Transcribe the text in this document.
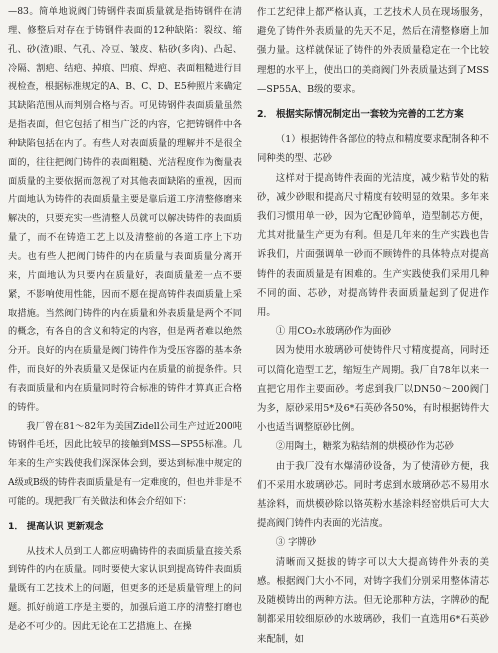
—83。简单地说阀门铸钢件表面质量就是指铸钢件在清理、修整后对存在于铸钢件表面的12种缺陷：裂纹、缩孔、砂(渣)眼、气孔、冷豆、皱皮、粘砂(多肉)、凸起、冷隔、割疤、结疤、掉痕、凹痕、焊疤、表面粗糙进行目视检查，根据标准规定的A、B、C、D、E5种照片来确定其缺陷范围从而判别合格与否。可见铸钢件表面质量虽然是指表面，但它包括了相当广泛的内容，它把铸钢件中各种缺陷包括在内了。有些人对表面质量的理解并不是很全面的，往往把阀门铸件的表面粗糙、光洁程度作为衡量表面质量的主要依据而忽视了对其他表面缺陷的重视，因而片面地认为铸件的表面质量主要是靠后道工序清整修磨来解决的，只要充实一些清整人员就可以解决铸件的表面质量了，而不在铸造工艺上以及清整前的各道工序上下功夫。也有些人把阀门铸件的内在质量与表面质量分离开来，片面地认为只要内在质量好，表面质量差一点不要紧，不影响使用性能，因而不愿在提高铸件表面质量上采取措施。当然阀门铸件的内在质量和外表质量是两个不同的概念，有各自的含义和特定的内容，但是两者难以绝然分开。良好的内在质量是阀门铸件作为受压容器的基本条件，而良好的外表质量又是保证内在质量的前提条件。只有表面质量和内在质量同时符合标准的铸件才算真正合格的铸件。

我厂曾在81～82年为美国Zidell公司生产过近200吨铸钢件毛坯，因此比较早的接触到MSS—SP55标准。几年来的生产实践使我们深深体会到，要达到标准中规定的A级或B级的铸件表面质量是有一定难度的，但也并非是不可能的。现把我厂有关做法和体会介绍如下：

1． 提高认识 更新观念

从技术人员到工人都应明确铸件的表面质量直接关系到铸件的内在质量。同时要使大家认识到提高铸件表面质量既有工艺技术上的问题，但更多的还是质量管理上的问题。抓好前道工序是主要的，加强后道工序的清整打磨也是必不可少的。因此无论在工艺措施上、在操

作工艺纪律上都严格认真，工艺技术人员在现场服务，避免了铸件外表质量的先天不足，然后在清整修磨上加强力量。这样就保证了铸件的外表质量稳定在一个比较理想的水平上，使出口的美商阀门外表质量达到了MSS—SP55A、B级的要求。

2． 根据实际情况制定出一套较为完善的工艺方案

（1）根据铸件各部位的特点和精度要求配制各种不同种类的型、芯砂

这样对于提高铸件表面的光洁度，减少粘节处的粘砂，减少砂眼和提高尺寸精度有较明显的效果。多年来我们习惯用单一砂，因为它配砂简单，造型制芯方便，尤其对批量生产更为有利。但是几年来的生产实践也告诉我们，片面强调单一砂而不顾铸件的具体特点对提高铸件的表面质量是有困难的。生产实践使我们采用几种不同的面、芯砂，对提高铸件表面质量起到了促进作用。

① 用CO₂水玻璃砂作为面砂

因为使用水玻璃砂可使铸件尺寸精度提高，同时还可以简化造型工艺，缩短生产周期。我厂自78年以来一直把它用作主要面砂。考虑到我厂以DN50～200阀门为多，原砂采用5*及6*石英砂各50%，有时根据铸件大小也适当调整原砂比例。

②用陶土，糖浆为粘结剂的烘模砂作为芯砂

由于我厂没有水爆清砂设备，为了使清砂方便，我们不采用水玻璃砂芯。同时考虑到水玻璃砂芯不易用水基涂料，而烘模砂除以铬英粉水基涂料经窑烘后可大大提高阀门铸件内表面的光洁度。

③ 字牌砂

清晰而又挺拔的铸字可以大大提高铸件外表的美感。根据阀门大小不同，对铸字我们分别采用整体清芯及随模铸出的两种方法。但无论那种方法，字牌砂的配制都采用较细原砂的水玻璃砂，我们一直选用6*石英砂来配制，如
